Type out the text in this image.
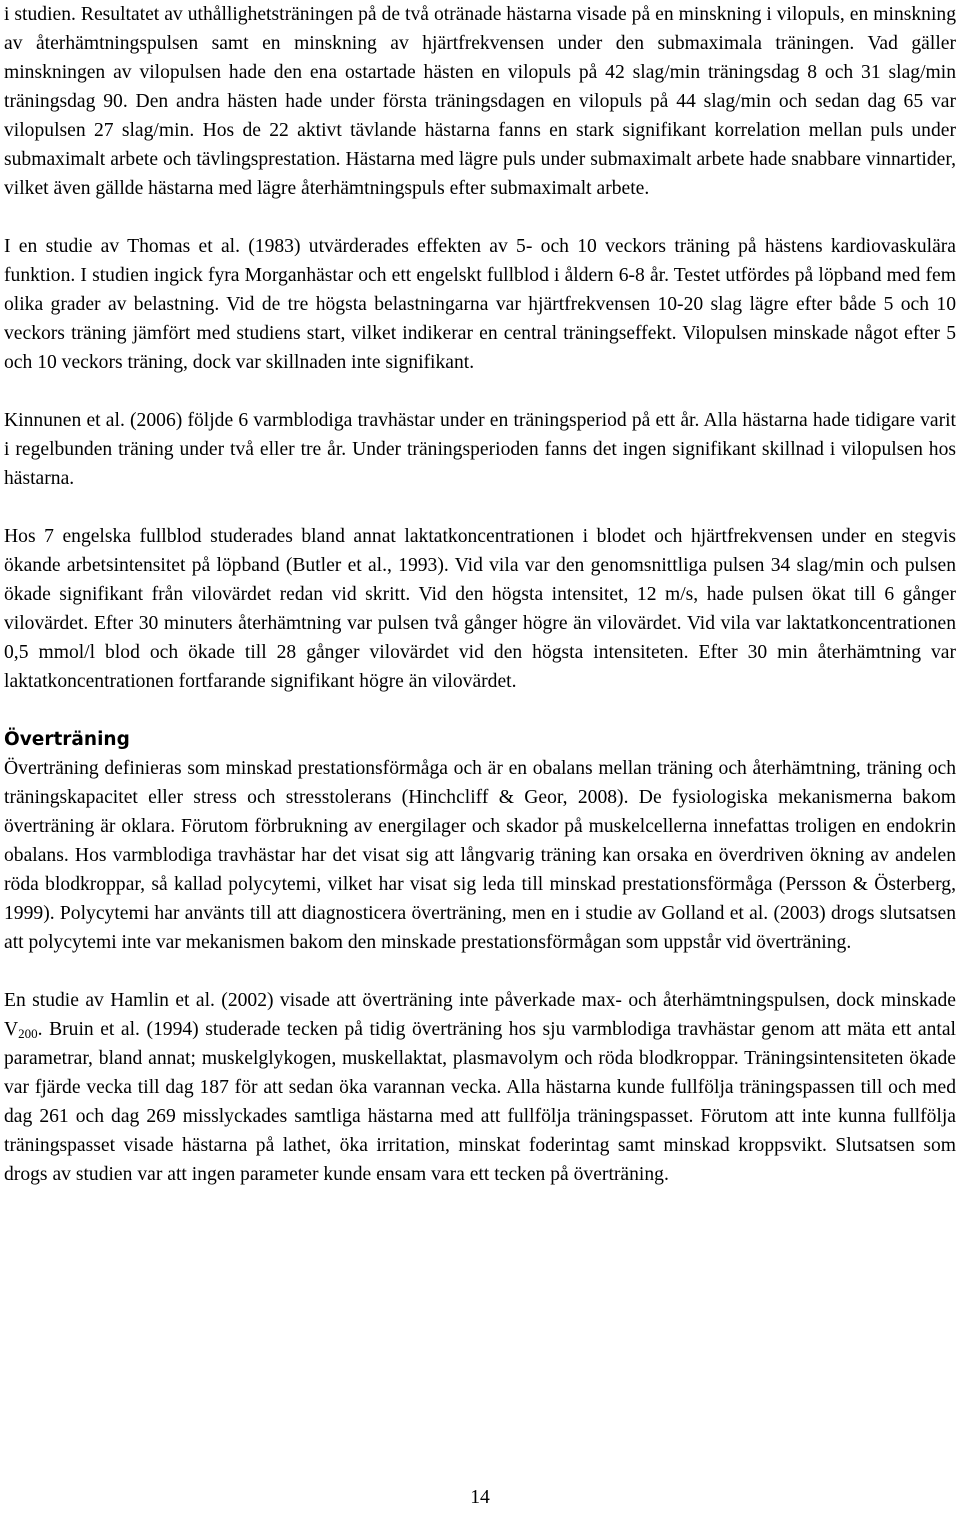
i studien. Resultatet av uthållighetsträningen på de två otränade hästarna visade på en minskning i vilopuls, en minskning av återhämtningspulsen samt en minskning av hjärtfrekvensen under den submaximala träningen. Vad gäller minskningen av vilopulsen hade den ena ostartade hästen en vilopuls på 42 slag/min träningsdag 8 och 31 slag/min träningsdag 90. Den andra hästen hade under första träningsdagen en vilopuls på 44 slag/min och sedan dag 65 var vilopulsen 27 slag/min. Hos de 22 aktivt tävlande hästarna fanns en stark signifikant korrelation mellan puls under submaximalt arbete och tävlingsprestation. Hästarna med lägre puls under submaximalt arbete hade snabbare vinnartider, vilket även gällde hästarna med lägre återhämtningspuls efter submaximalt arbete.

I en studie av Thomas et al. (1983) utvärderades effekten av 5- och 10 veckors träning på hästens kardiovaskulära funktion. I studien ingick fyra Morganhästar och ett engelskt fullblod i åldern 6-8 år. Testet utfördes på löpband med fem olika grader av belastning. Vid de tre högsta belastningarna var hjärtfrekvensen 10-20 slag lägre efter både 5 och 10 veckors träning jämfört med studiens start, vilket indikerar en central träningseffekt. Vilopulsen minskade något efter 5 och 10 veckors träning, dock var skillnaden inte signifikant.

Kinnunen et al. (2006) följde 6 varmblodiga travhästar under en träningsperiod på ett år. Alla hästarna hade tidigare varit i regelbunden träning under två eller tre år. Under träningsperioden fanns det ingen signifikant skillnad i vilopulsen hos hästarna.

Hos 7 engelska fullblod studerades bland annat laktatkoncentrationen i blodet och hjärtfrekvensen under en stegvis ökande arbetsintensitet på löpband (Butler et al., 1993). Vid vila var den genomsnittliga pulsen 34 slag/min och pulsen ökade signifikant från vilovärdet redan vid skritt. Vid den högsta intensitet, 12 m/s, hade pulsen ökat till 6 gånger vilovärdet. Efter 30 minuters återhämtning var pulsen två gånger högre än vilovärdet. Vid vila var laktatkoncentrationen 0,5 mmol/l blod och ökade till 28 gånger vilovärdet vid den högsta intensiteten. Efter 30 min återhämtning var laktatkoncentrationen fortfarande signifikant högre än vilovärdet.

Överträning

Överträning definieras som minskad prestationsförmåga och är en obalans mellan träning och återhämtning, träning och träningskapacitet eller stress och stresstolerans (Hinchcliff & Geor, 2008). De fysiologiska mekanismerna bakom överträning är oklara. Förutom förbrukning av energilager och skador på muskelcellerna innefattas troligen en endokrin obalans. Hos varmblodiga travhästar har det visat sig att långvarig träning kan orsaka en överdriven ökning av andelen röda blodkroppar, så kallad polycytemi, vilket har visat sig leda till minskad prestationsförmåga (Persson & Österberg, 1999). Polycytemi har använts till att diagnosticera överträning, men en i studie av Golland et al. (2003) drogs slutsatsen att polycytemi inte var mekanismen bakom den minskade prestationsförmågan som uppstår vid överträning.

En studie av Hamlin et al. (2002) visade att överträning inte påverkade max- och återhämtningspulsen, dock minskade $V_{200}$. Bruin et al. (1994) studerade tecken på tidig överträning hos sju varmblodiga travhästar genom att mäta ett antal parametrar, bland annat; muskelglykogen, muskellaktat, plasmavolym och röda blodkroppar. Träningsintensiteten ökade var fjärde vecka till dag 187 för att sedan öka varannan vecka. Alla hästarna kunde fullfölja träningspassen till och med dag 261 och dag 269 misslyckades samtliga hästarna med att fullfölja träningspasset. Förutom att inte kunna fullfölja träningspasset visade hästarna på lathet, öka irritation, minskat foderintag samt minskad kroppsvikt. Slutsatsen som drogs av studien var att ingen parameter kunde ensam vara ett tecken på överträning.

14
